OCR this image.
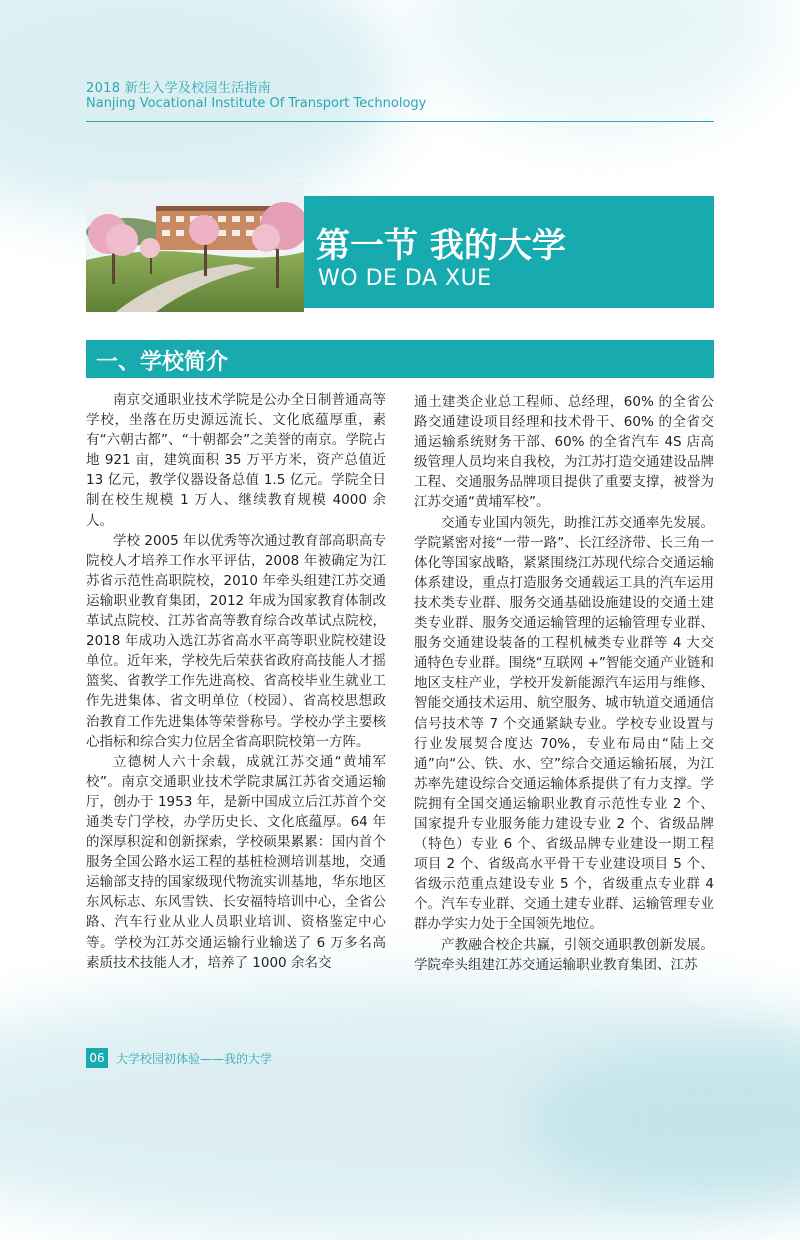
2018 新生入学及校园生活指南
Nanjing Vocational Institute Of Transport Technology
第一节 我的大学
WO DE DA XUE
一、学校简介

南京交通职业技术学院是公办全日制普通高等学校，坐落在历史源远流长、文化底蕴厚重，素有“六朝古都”、“十朝都会”之美誉的南京。学院占地 921 亩，建筑面积 35 万平方米，资产总值近 13 亿元，教学仪器设备总值 1.5 亿元。学院全日制在校生规模 1 万人、继续教育规模 4000 余人。

学校 2005 年以优秀等次通过教育部高职高专院校人才培养工作水平评估，2008 年被确定为江苏省示范性高职院校，2010 年牵头组建江苏交通运输职业教育集团，2012 年成为国家教育体制改革试点院校、江苏省高等教育综合改革试点院校，2018 年成功入选江苏省高水平高等职业院校建设单位。近年来，学校先后荣获省政府高技能人才摇篮奖、省教学工作先进高校、省高校毕业生就业工作先进集体、省文明单位（校园）、省高校思想政治教育工作先进集体等荣誉称号。学校办学主要核心指标和综合实力位居全省高职院校第一方阵。

立德树人六十余载，成就江苏交通“黄埔军校”。南京交通职业技术学院隶属江苏省交通运输厅，创办于 1953 年，是新中国成立后江苏首个交通类专门学校，办学历史长、文化底蕴厚。64 年的深厚积淀和创新探索，学校硕果累累：国内首个服务全国公路水运工程的基桩检测培训基地，交通运输部支持的国家级现代物流实训基地，华东地区东风标志、东风雪铁、长安福特培训中心，全省公路、汽车行业从业人员职业培训、资格鉴定中心等。学校为江苏交通运输行业输送了 6 万多名高素质技术技能人才，培养了 1000 余名交

通土建类企业总工程师、总经理，60% 的全省公路交通建设项目经理和技术骨干、60% 的全省交通运输系统财务干部、60% 的全省汽车 4S 店高级管理人员均来自我校，为江苏打造交通建设品牌工程、交通服务品牌项目提供了重要支撑，被誉为江苏交通“黄埔军校”。

交通专业国内领先，助推江苏交通率先发展。学院紧密对接“一带一路”、长江经济带、长三角一体化等国家战略，紧紧围绕江苏现代综合交通运输体系建设，重点打造服务交通载运工具的汽车运用技术类专业群、服务交通基础设施建设的交通土建类专业群、服务交通运输管理的运输管理专业群、服务交通建设装备的工程机械类专业群等 4 大交通特色专业群。围绕“互联网 +”智能交通产业链和地区支柱产业，学校开发新能源汽车运用与维修、智能交通技术运用、航空服务、城市轨道交通通信信号技术等 7 个交通紧缺专业。学校专业设置与行业发展契合度达 70%，专业布局由“陆上交通”向“公、铁、水、空”综合交通运输拓展，为江苏率先建设综合交通运输体系提供了有力支撑。学院拥有全国交通运输职业教育示范性专业 2 个、国家提升专业服务能力建设专业 2 个、省级品牌（特色）专业 6 个、省级品牌专业建设一期工程项目 2 个、省级高水平骨干专业建设项目 5 个、省级示范重点建设专业 5 个，省级重点专业群 4 个。汽车专业群、交通土建专业群、运输管理专业群办学实力处于全国领先地位。

产教融合校企共赢，引领交通职教创新发展。学院牵头组建江苏交通运输职业教育集团、江苏

06 大学校园初体验——我的大学
